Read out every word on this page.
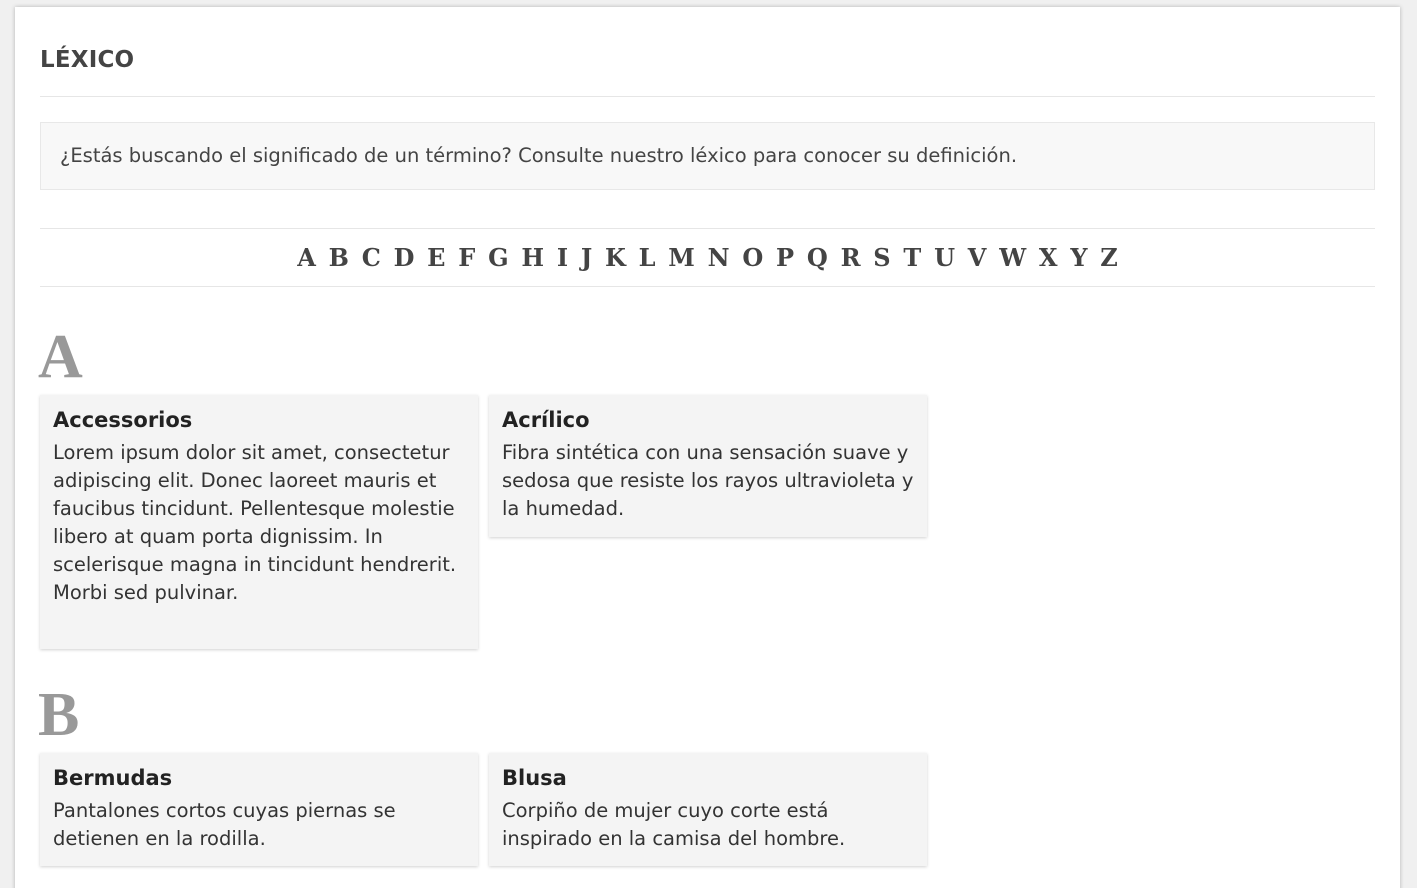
LÉXICO
¿Estás buscando el significado de un término? Consulte nuestro léxico para conocer su definición.
A B C D E F G H I J K L M N O P Q R S T U V W X Y Z
A
Accessorios

Lorem ipsum dolor sit amet, consectetur adipiscing elit. Donec laoreet mauris et faucibus tincidunt. Pellentesque molestie libero at quam porta dignissim. In scelerisque magna in tincidunt hendrerit. Morbi sed pulvinar.

Acrílico

Fibra sintética con una sensación suave y sedosa que resiste los rayos ultravioleta y la humedad.

B
Bermudas

Pantalones cortos cuyas piernas se detienen en la rodilla.

Blusa

Corpiño de mujer cuyo corte está inspirado en la camisa del hombre.
